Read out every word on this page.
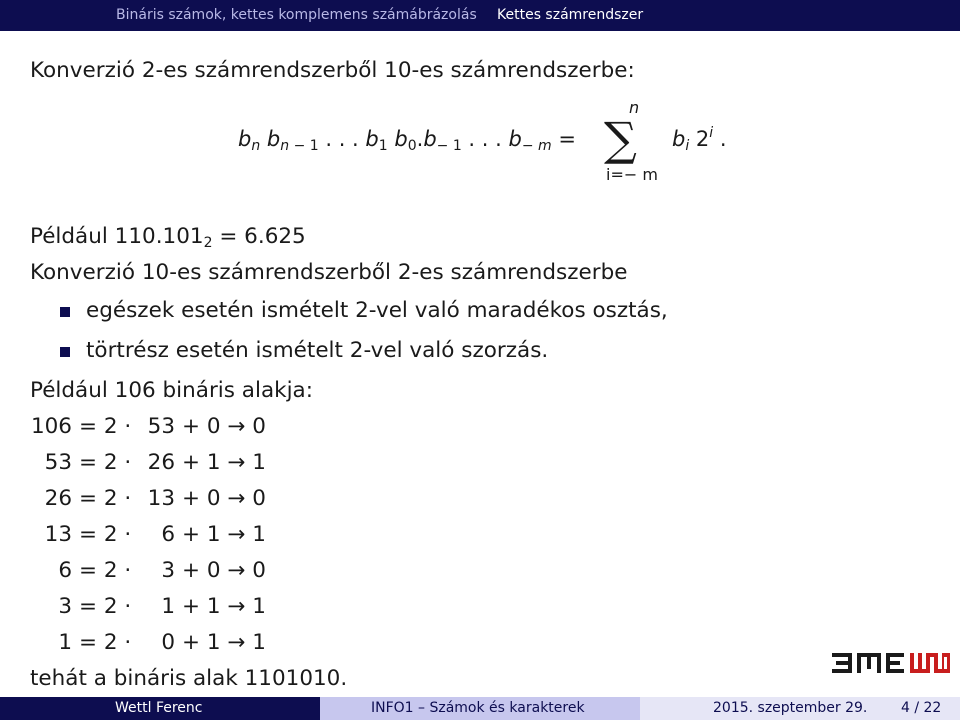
Bináris számok, kettes komplemens számábrázolás Kettes számrendszer
Konverzió 2-es számrendszerből 10-es számrendszerbe:
$b_n$ $b_{n - 1}$ . . . $b_1$ $b_0.b_{- 1}$ . . . $b_{- m}$ =
n
∑
i=− m
$b_i$ 2$^i$ .
Például $110.101_2 = 6.625$
Konverzió 10-es számrendszerből 2-es számrendszerbe
egészek esetén ismételt 2-vel való maradékos osztás,
törtrész esetén ismételt 2-vel való szorzás.
Például 106 bináris alakja:
106 = 2 · 53 + 0 → 0
53 = 2 · 26 + 1 → 1
26 = 2 · 13 + 0 → 0
13 = 2 ·	6 + 1 → 1
6 = 2 ·	3 + 0 → 0
3 = 2 ·	1 + 1 → 1
1 = 2 ·	0 + 1 → 1
tehát a bináris alak 1101010.
Wettl Ferenc	INFO1 – Számok és karakterek	2015. szeptember 29. 4 / 22
